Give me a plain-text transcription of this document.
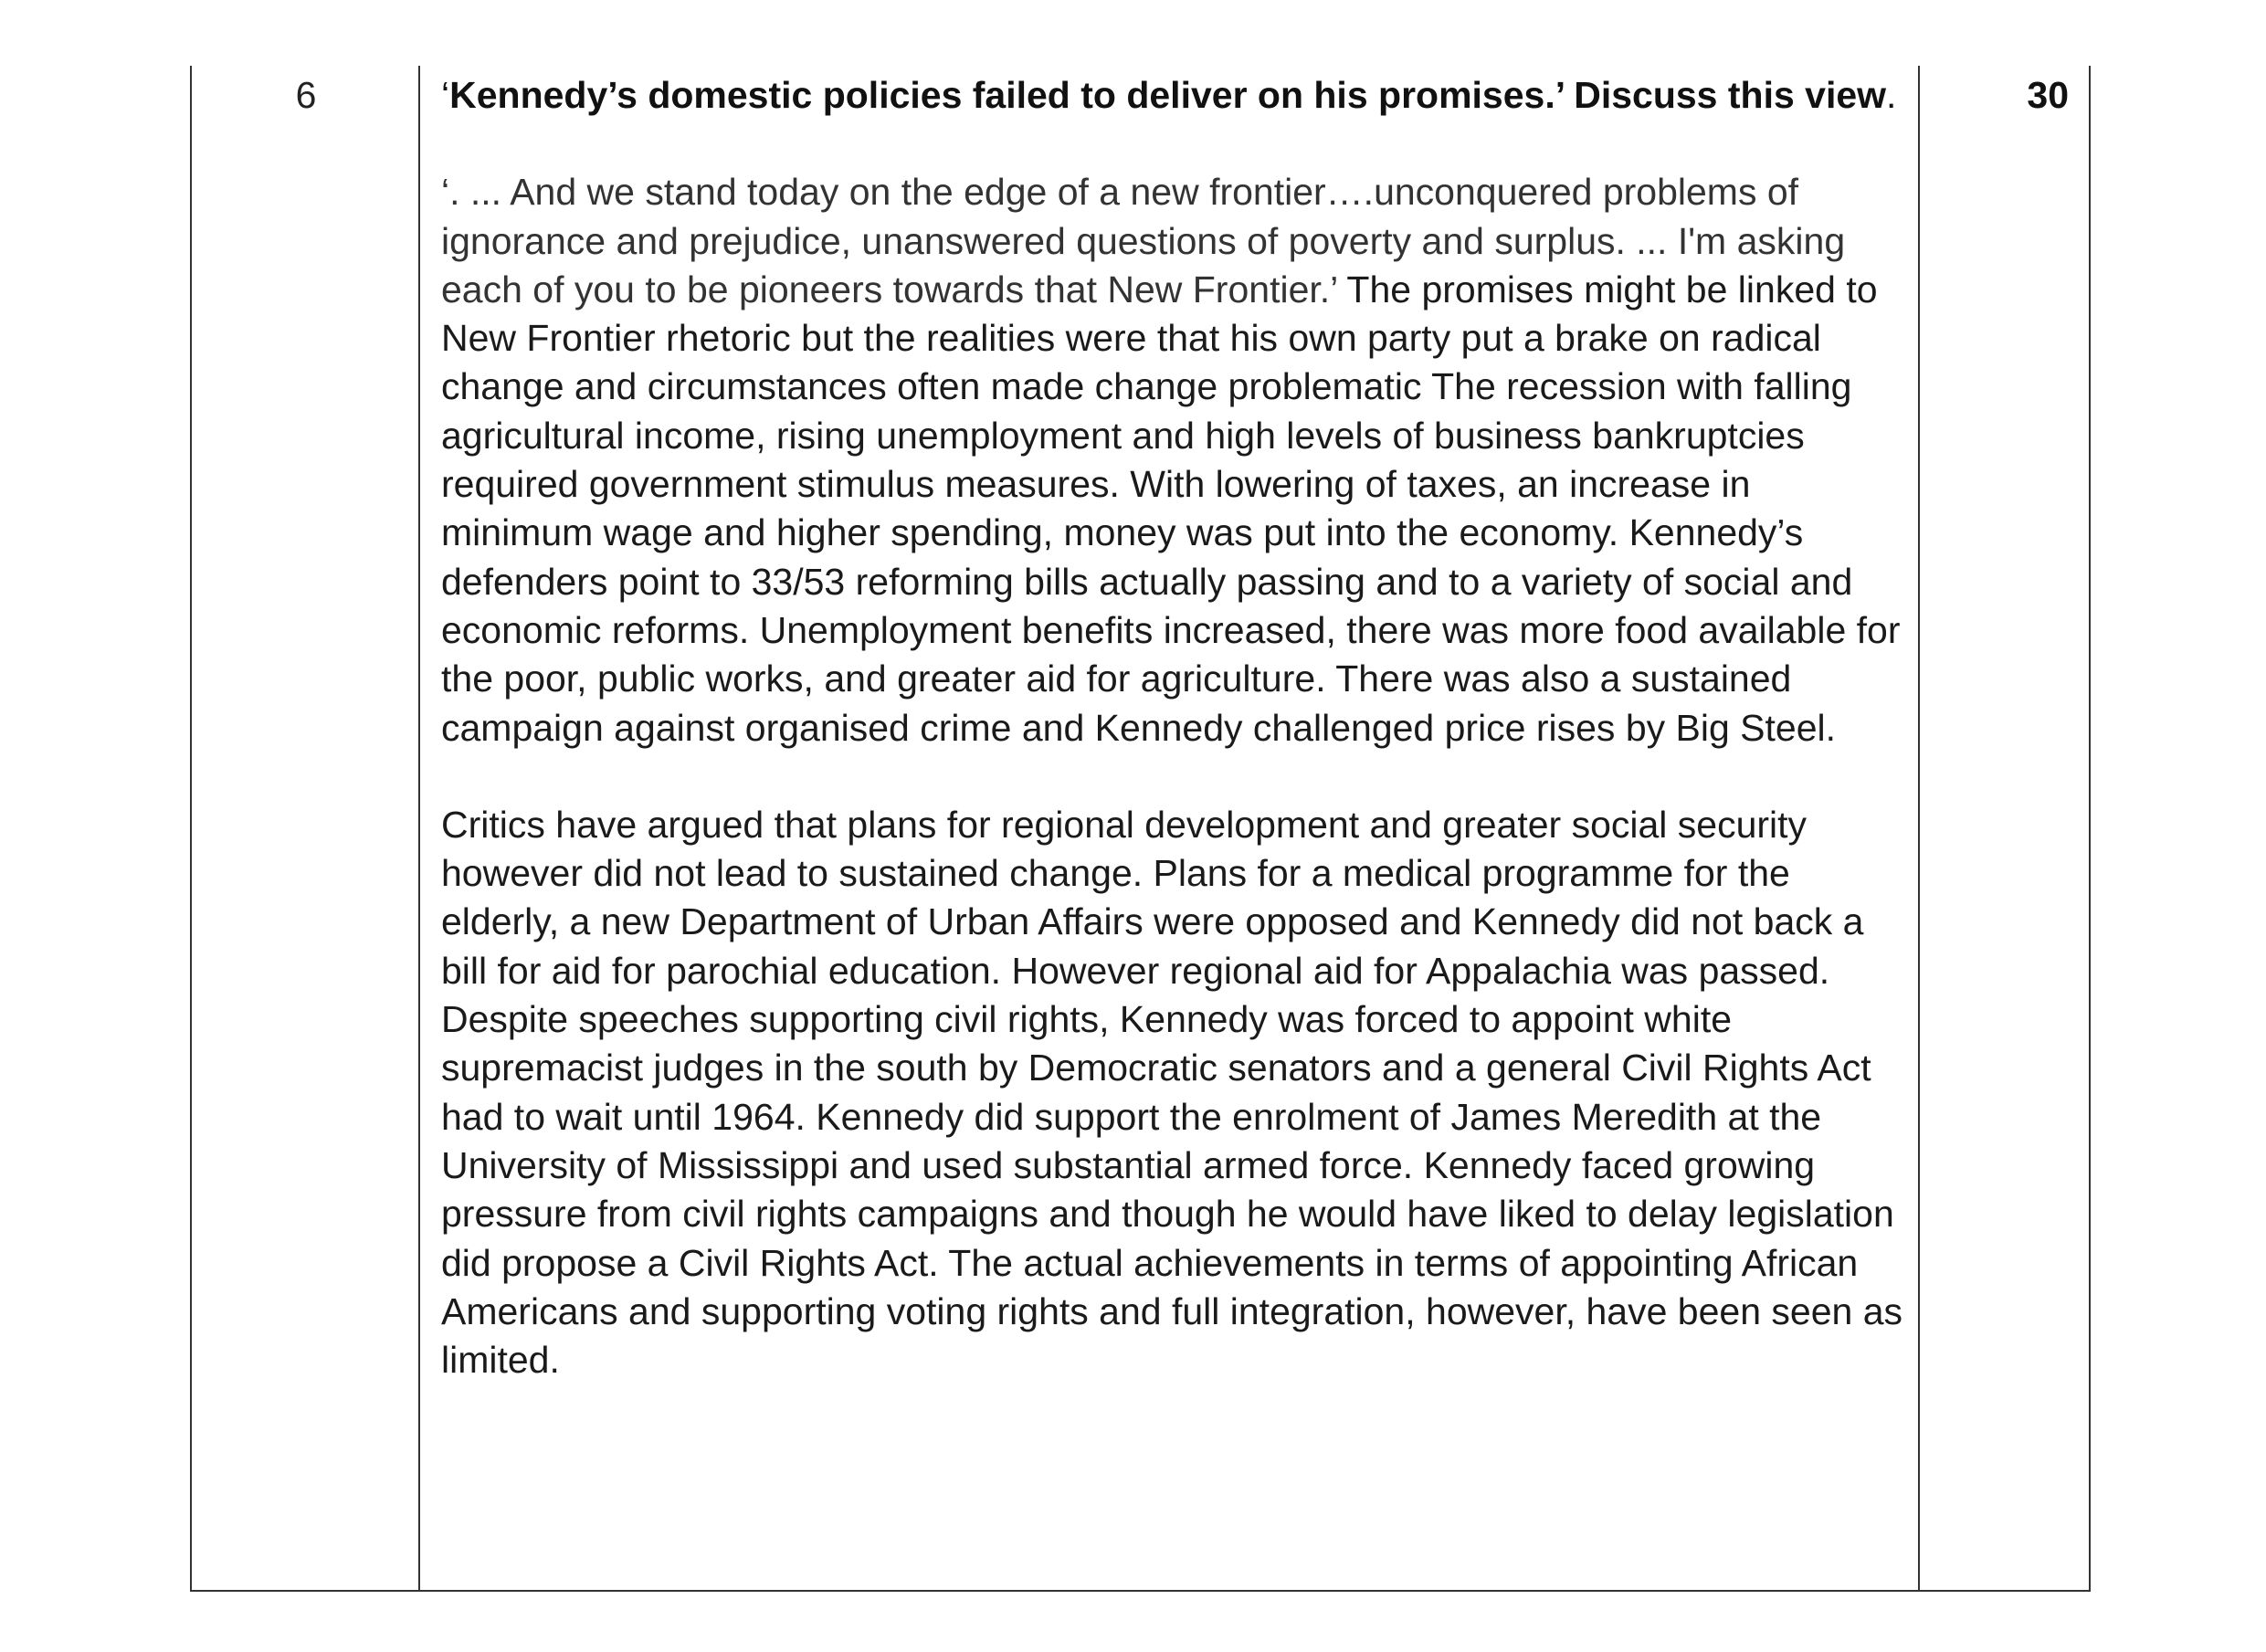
6	‘Kennedy’s domestic policies failed to deliver on his promises.’ Discuss this view.

‘. ... And we stand today on the edge of a new frontier….unconquered problems of ignorance and prejudice, unanswered questions of poverty and surplus. ... I'm asking each of you to be pioneers towards that New Frontier.’ The promises might be linked to New Frontier rhetoric but the realities were that his own party put a brake on radical change and circumstances often made change problematic The recession with falling agricultural income, rising unemployment and high levels of business bankruptcies required government stimulus measures. With lowering of taxes, an increase in minimum wage and higher spending, money was put into the economy. Kennedy’s defenders point to 33/53 reforming bills actually passing and to a variety of social and economic reforms. Unemployment benefits increased, there was more food available for the poor, public works, and greater aid for agriculture. There was also a sustained campaign against organised crime and Kennedy challenged price rises by Big Steel.

Critics have argued that plans for regional development and greater social security however did not lead to sustained change. Plans for a medical programme for the elderly, a new Department of Urban Affairs were opposed and Kennedy did not back a bill for aid for parochial education. However regional aid for Appalachia was passed. Despite speeches supporting civil rights, Kennedy was forced to appoint white supremacist judges in the south by Democratic senators and a general Civil Rights Act had to wait until 1964. Kennedy did support the enrolment of James Meredith at the University of Mississippi and used substantial armed force. Kennedy faced growing pressure from civil rights campaigns and though he would have liked to delay legislation did propose a Civil Rights Act. The actual achievements in terms of appointing African Americans and supporting voting rights and full integration, however, have been seen as limited.

30
